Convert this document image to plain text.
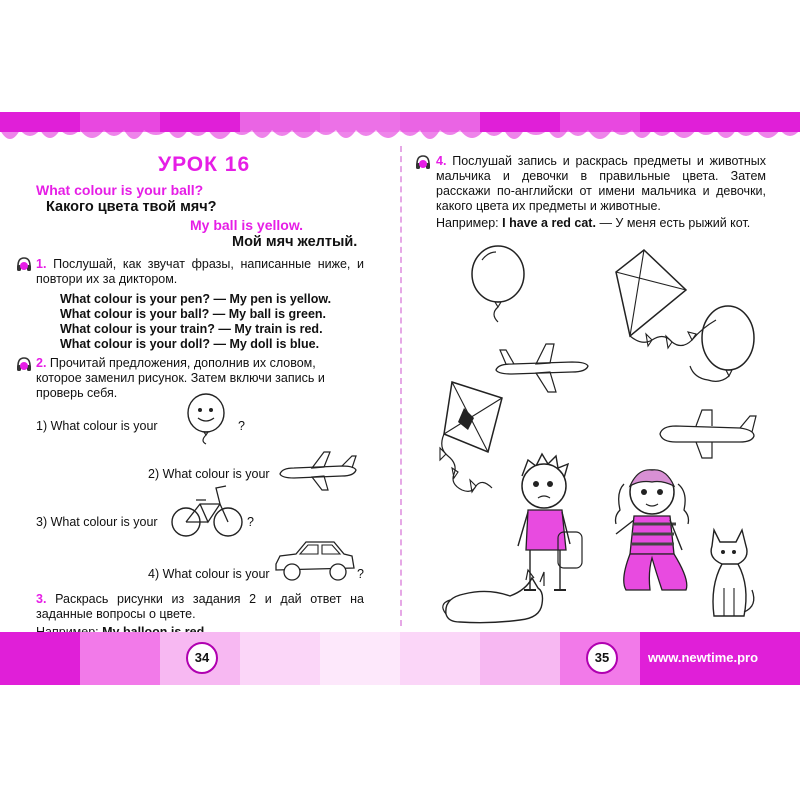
УРОК 16
What colour is your ball?
Какого цвета твой мяч?
My ball is yellow.
Мой мяч желтый.
1. Послушай, как звучат фразы, написанные ниже, и повтори их за диктором.
What colour is your pen? — My pen is yellow.
What colour is your ball? — My ball is green.
What colour is your train? — My train is red.
What colour is your doll? — My doll is blue.
2. Прочитай предложения, дополнив их словом, которое заменил рисунок. Затем включи запись и проверь себя.
1) What colour is your	?
2) What colour is your
3) What colour is your	?
4) What colour is your	?
3. Раскрась рисунки из задания 2 и дай ответ на заданные вопросы о цвете.
4. Послушай запись и раскрась предметы и животных мальчика и девочки в правильные цвета. Затем расскажи по-английски от имени мальчика и девочки, какого цвета их предметы и животные.
Например: I have a red cat. — У меня есть рыжий кот.
34	35	www.newtime.pro
